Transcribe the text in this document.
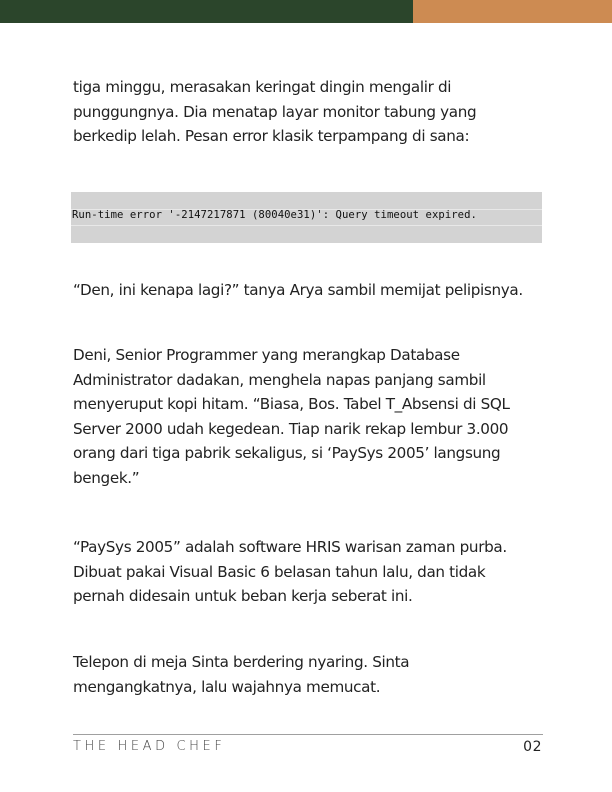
tiga minggu, merasakan keringat dingin mengalir di
punggungnya. Dia menatap layar monitor tabung yang
berkedip lelah. Pesan error klasik terpampang di sana:

“Den, ini kenapa lagi?” tanya Arya sambil memijat pelipisnya.

Deni, Senior Programmer yang merangkap Database
Administrator dadakan, menghela napas panjang sambil
menyeruput kopi hitam. “Biasa, Bos. Tabel T_Absensi di SQL
Server 2000 udah kegedean. Tiap narik rekap lembur 3.000
orang dari tiga pabrik sekaligus, si ‘PaySys 2005’ langsung
bengek.”

“PaySys 2005” adalah software HRIS warisan zaman purba.
Dibuat pakai Visual Basic 6 belasan tahun lalu, dan tidak
pernah didesain untuk beban kerja seberat ini.

Telepon di meja Sinta berdering nyaring. Sinta
mengangkatnya, lalu wajahnya memucat.

Run-time error '-2147217871 (80040e31)': Query timeout expired.
THE HEAD CHEF	02
